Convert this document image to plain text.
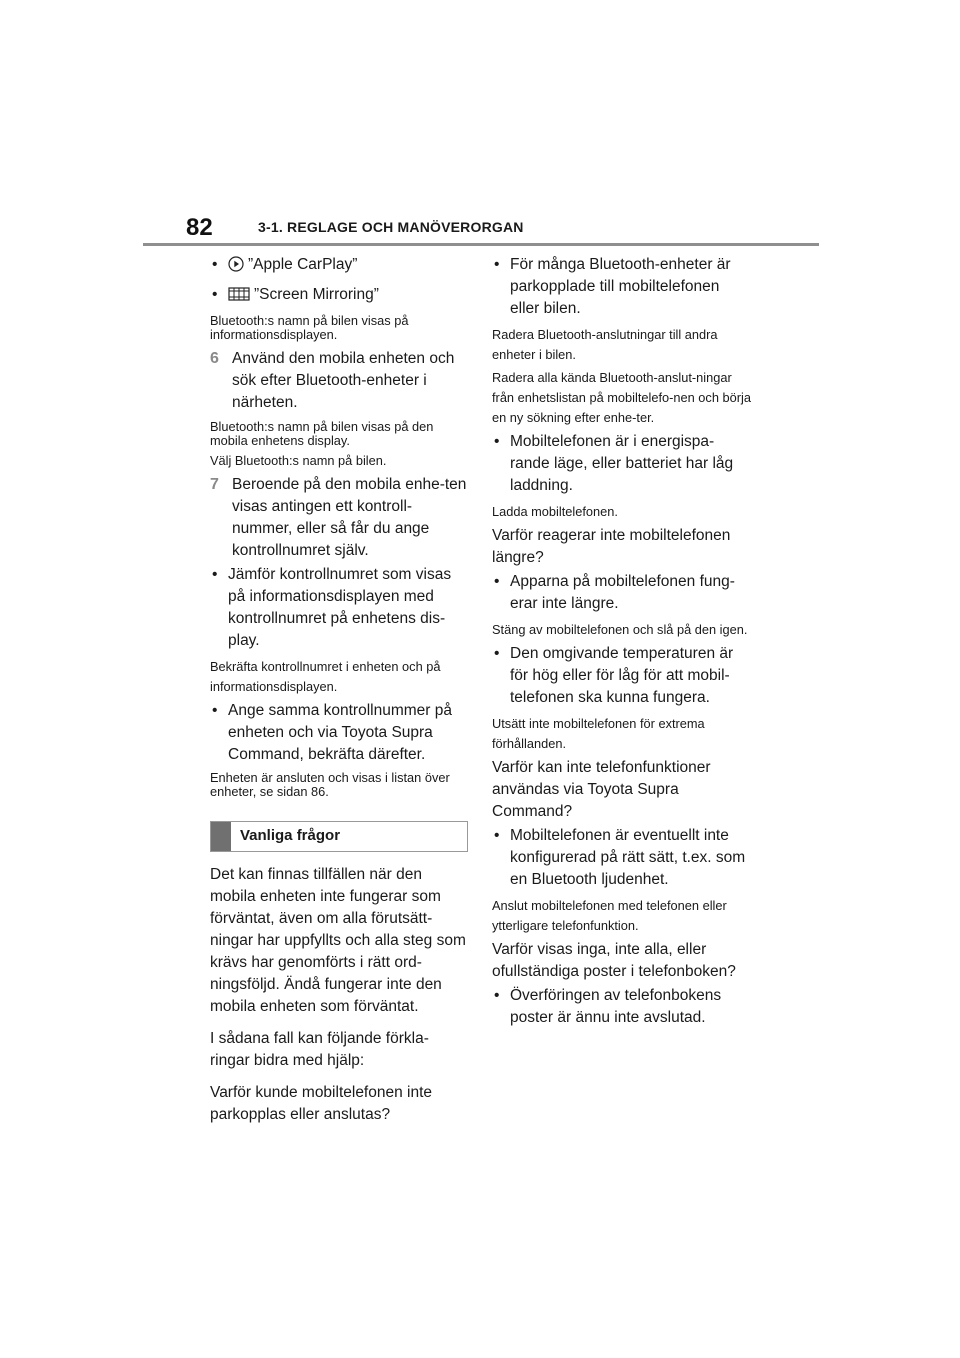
82	3-1. REGLAGE OCH MANÖVERORGAN

• ”Apple CarPlay”

• ”Screen Mirroring”

Bluetooth:s namn på bilen visas på informationsdisplayen.

6 Använd den mobila enheten och sök efter Bluetooth-enheter i närheten.

Bluetooth:s namn på bilen visas på den mobila enhetens display.

Välj Bluetooth:s namn på bilen.

7 Beroende på den mobila enhe-ten visas antingen ett kontroll-nummer, eller så får du ange kontrollnumret själv.

• Jämför kontrollnumret som visas på informationsdisplayen med kontrollnumret på enhetens dis-play.

Bekräfta kontrollnumret i enheten och på informationsdisplayen.

• Ange samma kontrollnummer på enheten och via Toyota Supra Command, bekräfta därefter.

Enheten är ansluten och visas i listan över enheter, se sidan 86.

Vanliga frågor

Det kan finnas tillfällen när den mobila enheten inte fungerar som förväntat, även om alla förutsätt-ningar har uppfyllts och alla steg som krävs har genomförts i rätt ord-ningsföljd. Ändå fungerar inte den mobila enheten som förväntat.

I sådana fall kan följande förkla-ringar bidra med hjälp:

Varför kunde mobiltelefonen inte parkopplas eller anslutas?

• För många Bluetooth-enheter är parkopplade till mobiltelefonen eller bilen.

Radera Bluetooth-anslutningar till andra enheter i bilen.

Radera alla kända Bluetooth-anslut-ningar från enhetslistan på mobiltelefo-nen och börja en ny sökning efter enhe-ter.

• Mobiltelefonen är i energispa-rande läge, eller batteriet har låg laddning.

Ladda mobiltelefonen.

Varför reagerar inte mobiltelefonen längre?

• Apparna på mobiltelefonen fung-erar inte längre.

Stäng av mobiltelefonen och slå på den igen.

• Den omgivande temperaturen är för hög eller för låg för att mobil-telefonen ska kunna fungera.

Utsätt inte mobiltelefonen för extrema förhållanden.

Varför kan inte telefonfunktioner användas via Toyota Supra Command?

• Mobiltelefonen är eventuellt inte konfigurerad på rätt sätt, t.ex. som en Bluetooth ljudenhet.

Anslut mobiltelefonen med telefonen eller ytterligare telefonfunktion.

Varför visas inga, inte alla, eller ofullständiga poster i telefonboken?

• Överföringen av telefonbokens poster är ännu inte avslutad.
